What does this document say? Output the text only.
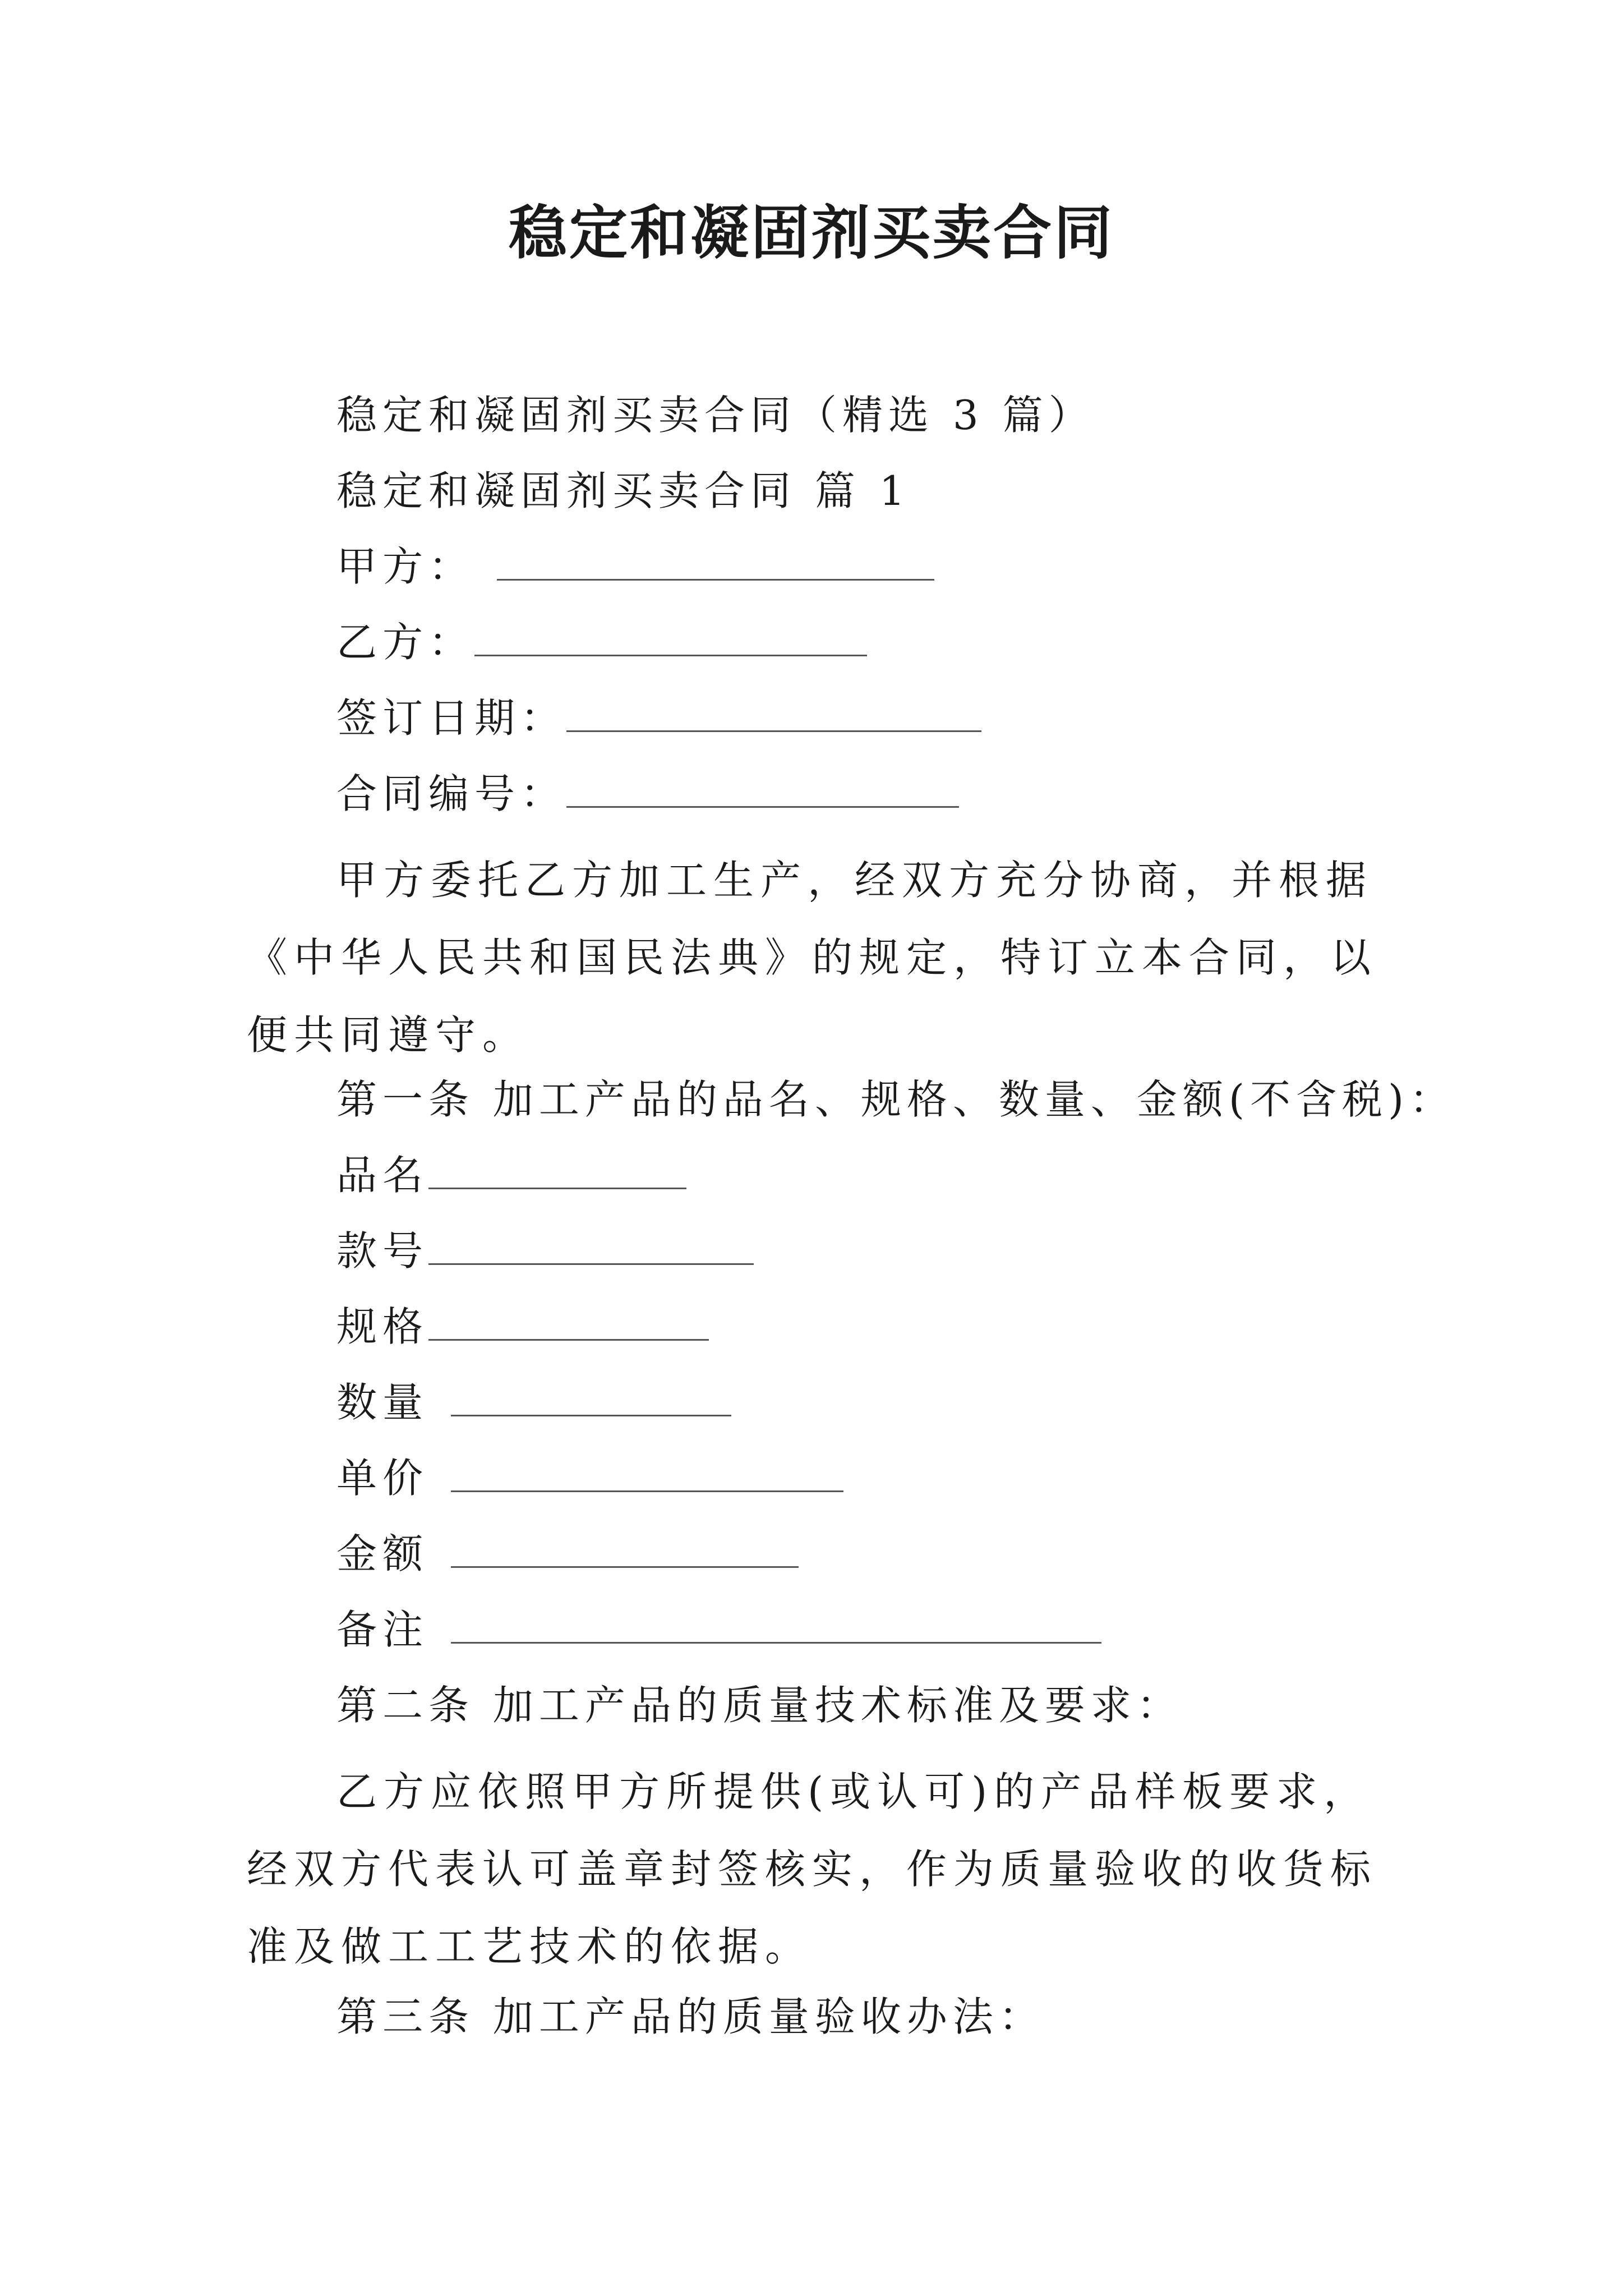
稳定和凝固剂买卖合同
稳定和凝固剂买卖合同（精选 3 篇）
稳定和凝固剂买卖合同 篇 1
甲方：
乙方：
签订日期：
合同编号：
甲方委托乙方加工生产，经双方充分协商，并根据《中华人民共和国民法典》的规定，特订立本合同，以便共同遵守。
第一条 加工产品的品名、规格、数量、金额(不含税)：
品名
款号
规格
数量
单价
金额
备注
第二条 加工产品的质量技术标准及要求：
乙方应依照甲方所提供(或认可)的产品样板要求，经双方代表认可盖章封签核实，作为质量验收的收货标准及做工工艺技术的依据。
第三条 加工产品的质量验收办法：
